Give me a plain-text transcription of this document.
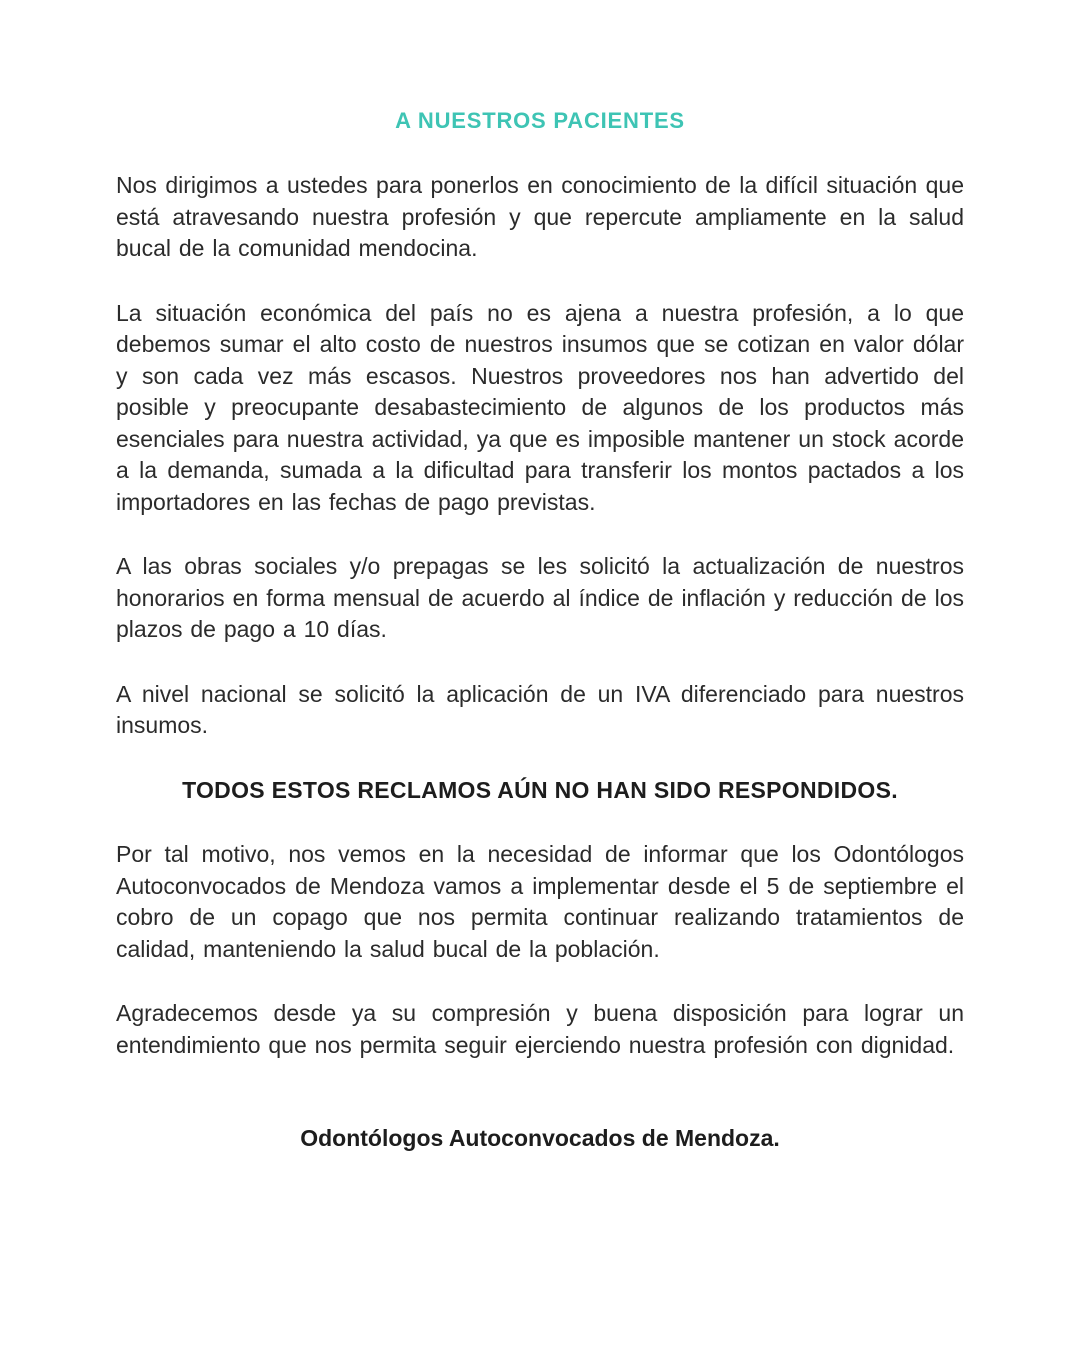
A NUESTROS PACIENTES

Nos dirigimos a ustedes para ponerlos en conocimiento de la difícil situación que está atravesando nuestra profesión y que repercute ampliamente en la salud bucal de la comunidad mendocina.

La situación económica del país no es ajena a nuestra profesión, a lo que debemos sumar el alto costo de nuestros insumos que se cotizan en valor dólar y son cada vez más escasos. Nuestros proveedores nos han advertido del posible y preocupante desabastecimiento de algunos de los productos más esenciales para nuestra actividad, ya que es imposible mantener un stock acorde a la demanda, sumada a la dificultad para transferir los montos pactados a los importadores en las fechas de pago previstas.

A las obras sociales y/o prepagas se les solicitó la actualización de nuestros honorarios en forma mensual de acuerdo al índice de inflación y reducción de los plazos de pago a 10 días.

A nivel nacional se solicitó la aplicación de un IVA diferenciado para nuestros insumos.

TODOS ESTOS RECLAMOS AÚN NO HAN SIDO RESPONDIDOS.

Por tal motivo, nos vemos en la necesidad de informar que los Odontólogos Autoconvocados de Mendoza vamos a implementar desde el 5 de septiembre el cobro de un copago que nos permita continuar realizando tratamientos de calidad, manteniendo la salud bucal de la población.

Agradecemos desde ya su compresión y buena disposición para lograr un entendimiento que nos permita seguir ejerciendo nuestra profesión con dignidad.

Odontólogos Autoconvocados de Mendoza.
